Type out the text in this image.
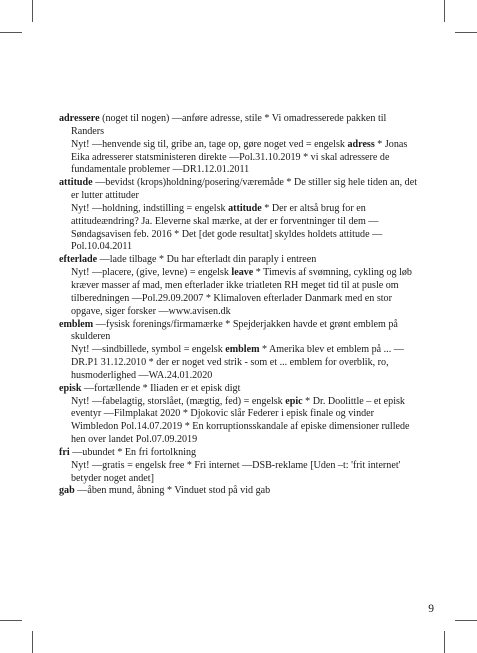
adressere (noget til nogen) —anføre adresse, stile * Vi omadresserede pakken til Randers
Nyt! —henvende sig til, gribe an, tage op, gøre noget ved = engelsk adress * Jonas Eika adresserer statsministeren direkte —Pol.31.10.2019 * vi skal adressere de fundamentale problemer —DR1.12.01.2011
attitude —bevidst (krops)holdning/posering/væremåde * De stiller sig hele tiden an, det er lutter attituder
Nyt! —holdning, indstilling = engelsk attitude * Der er altså brug for en attitudeændring? Ja. Eleverne skal mærke, at der er forventninger til dem — Søndagsavisen feb. 2016 * Det [det gode resultat] skyldes holdets attitude — Pol.10.04.2011
efterlade —lade tilbage * Du har efterladt din paraply i entreen
Nyt! —placere, (give, levne) = engelsk leave * Timevis af svømning, cykling og løb kræver masser af mad, men efterlader ikke triatleten RH meget tid til at pusle om tilberedningen —Pol.29.09.2007 * Klimaloven efterlader Danmark med en stor opgave, siger forsker —www.avisen.dk
emblem —fysisk forenings/firmamærke * Spejderjakken havde et grønt emblem på skulderen
Nyt! —sindbillede, symbol = engelsk emblem * Amerika blev et emblem på ... —DR.P1 31.12.2010 * der er noget ved strik - som et ... emblem for overblik, ro, husmoderlighed —WA.24.01.2020
episk —fortællende * Iliaden er et episk digt
Nyt! —fabelagtig, storslået, (mægtig, fed) = engelsk epic * Dr. Doolittle – et episk eventyr —Filmplakat 2020 * Djokovic slår Federer i episk finale og vinder Wimbledon Pol.14.07.2019 * En korruptionsskandale af episke dimensioner rullede hen over landet Pol.07.09.2019
fri —ubundet * En fri fortolkning
Nyt! —gratis = engelsk free * Fri internet —DSB-reklame [Uden –t: 'frit internet' betyder noget andet]
gab —åben mund, åbning * Vinduet stod på vid gab
9
